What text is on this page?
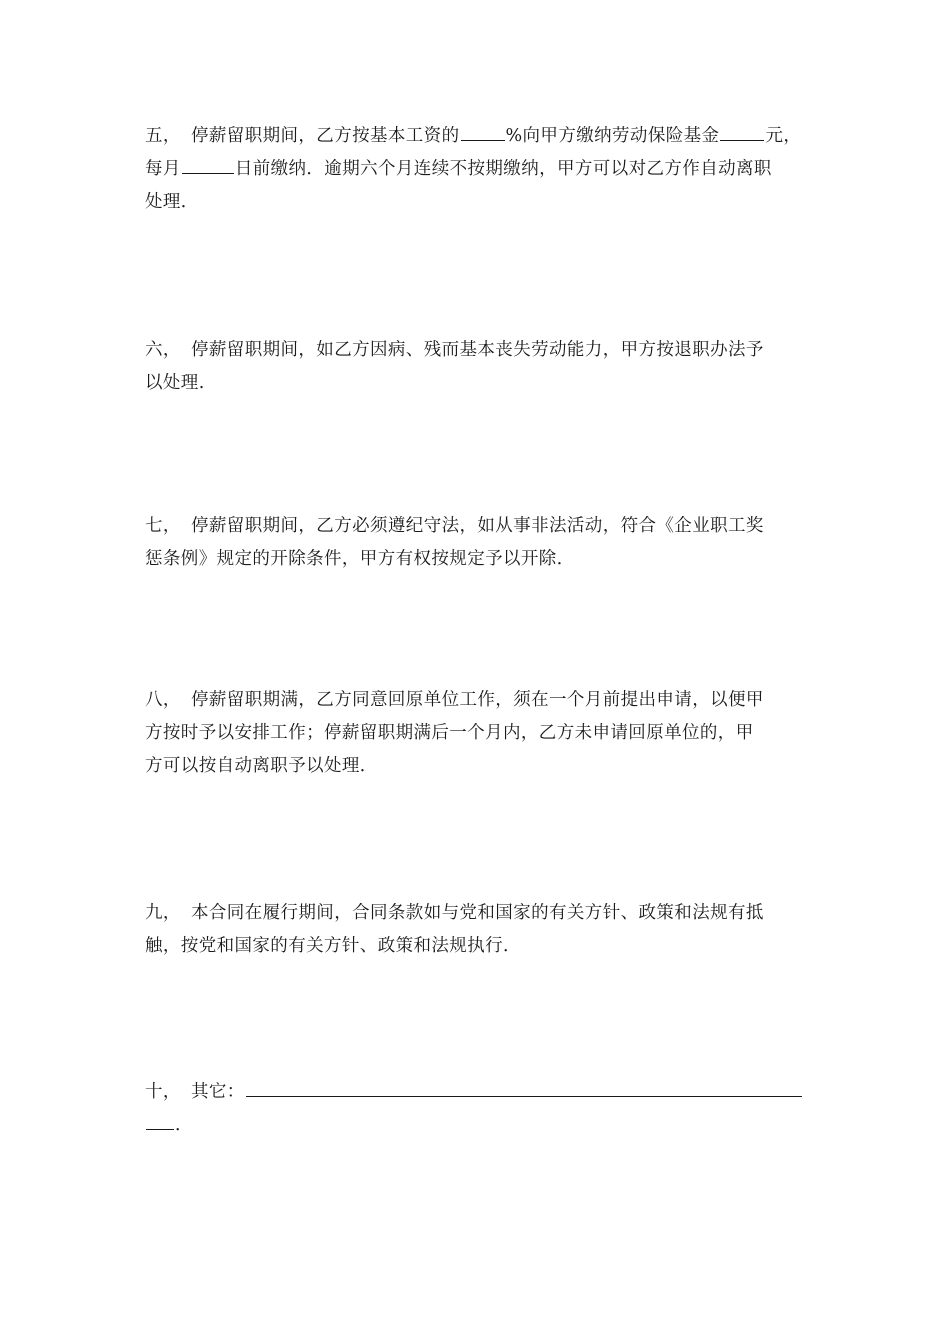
五， 停薪留职期间，乙方按基本工资的	%向甲方缴纳劳动保险基金	元，
每月	日前缴纳．逾期六个月连续不按期缴纳，甲方可以对乙方作自动离职
处理．
六， 停薪留职期间，如乙方因病、残而基本丧失劳动能力，甲方按退职办法予
以处理.
七， 停薪留职期间，乙方必须遵纪守法，如从事非法活动，符合《企业职工奖
惩条例》规定的开除条件，甲方有权按规定予以开除．
八， 停薪留职期满，乙方同意回原单位工作，须在一个月前提出申请，以便甲
方按时予以安排工作；停薪留职期满后一个月内，乙方未申请回原单位的，甲
方可以按自动离职予以处理．
九， 本合同在履行期间，合同条款如与党和国家的有关方针、政策和法规有抵
触，按党和国家的有关方针、政策和法规执行．
十， 其它：
．
